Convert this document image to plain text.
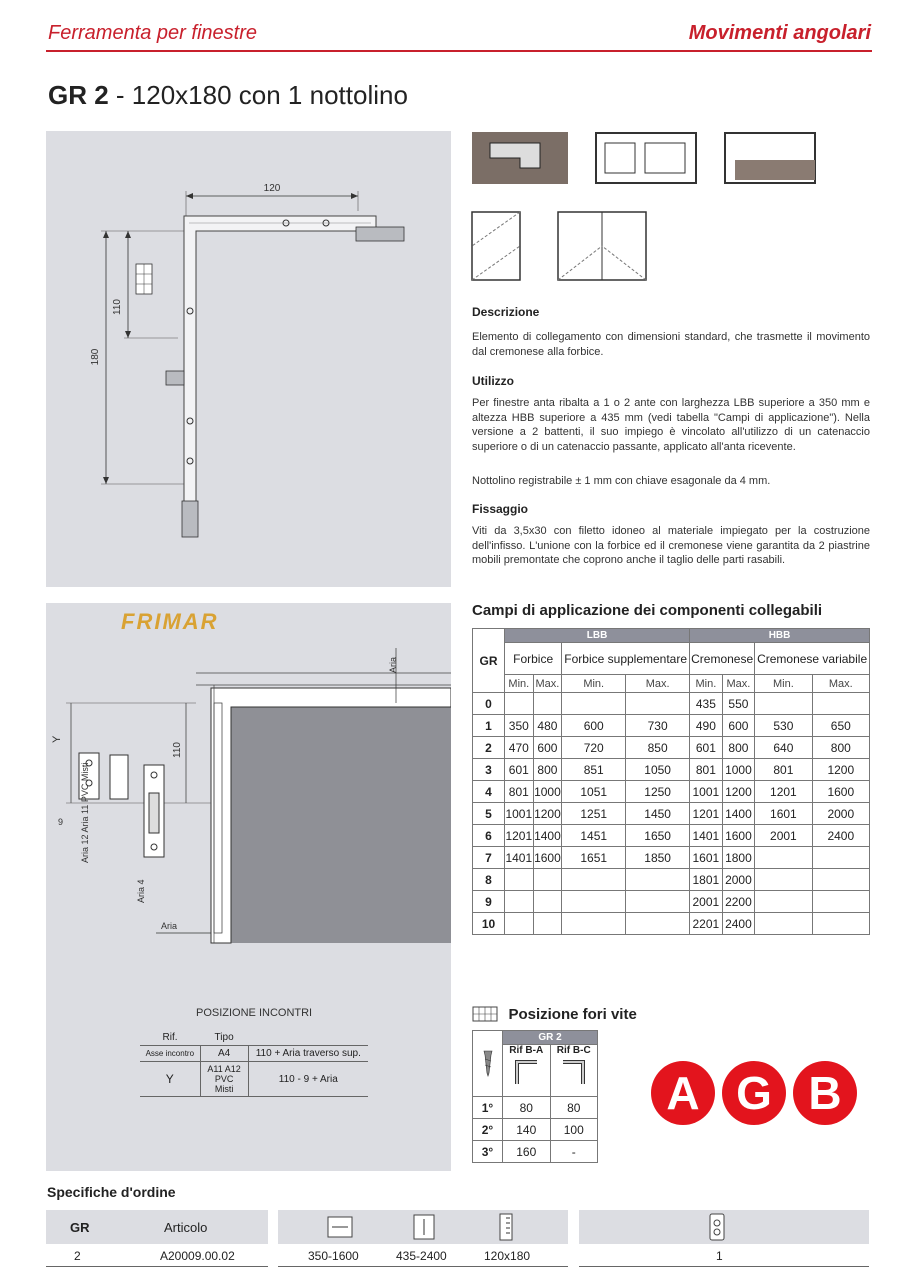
Ferramenta per finestre	Movimenti angolari
GR 2 - 120x180 con 1 nottolino
120
180
110	Descrizione
Elemento di collegamento con dimensioni standard, che trasmette il movimento dal cremonese alla forbice.
Utilizzo
Per finestre anta ribalta a 1 o 2 ante con larghezza LBB superiore a 350 mm e altezza HBB superiore a 435 mm (vedi tabella "Campi di applicazione"). Nella versione a 2 battenti, il suo impiego è vincolato all'utilizzo di un catenaccio superiore o di un catenaccio passante, applicato all'anta ricevente.
Nottolino registrabile ± 1 mm con chiave esagonale da 4 mm.
Fissaggio
Viti da 3,5x30 con filetto idoneo al materiale impiegato per la costruzione dell'infisso. L'unione con la forbice ed il cremonese viene garantita da 2 piastrine mobili premontate che coprono anche il taglio delle parti rasabili.
FRIMAR
Aria
Y
110
9 Aria 12 Aria 11 PVC Misti
Aria 4
Aria
POSIZIONE INCONTRI
Rif.	Tipo	
Asse incontro	A4	110 + Aria traverso sup.
Y	A11 A12 PVC Misti	110 - 9 + Aria
Campi di applicazione dei componenti collegabili
GR	LBB				HBB			
	Forbice		Forbice supplementare		Cremonese		Cremonese variabile	
	Min.	Max.	Min.	Max.	Min.	Max.	Min.	Max.
0					435	550		
1	350	480	600	730	490	600	530	650
2	470	600	720	850	601	800	640	800
3	601	800	851	1050	801	1000	801	1200
4	801	1000	1051	1250	1001	1200	1201	1600
5	1001	1200	1251	1450	1201	1400	1601	2000
6	1201	1400	1451	1650	1401	1600	2001	2400
7	1401	1600	1651	1850	1601	1800		
8					1801	2000		
9					2001	2200		
10					2201	2400		
Posizione fori vite
	GR 2	

	Rif B-A	Rif B-C

1°	80	80
2°	140	100
3°	160	-
A G B
Specifiche d'ordine
GR	Articolo
2	A20009.00.02	350-1600	435-2400	120x180	1
